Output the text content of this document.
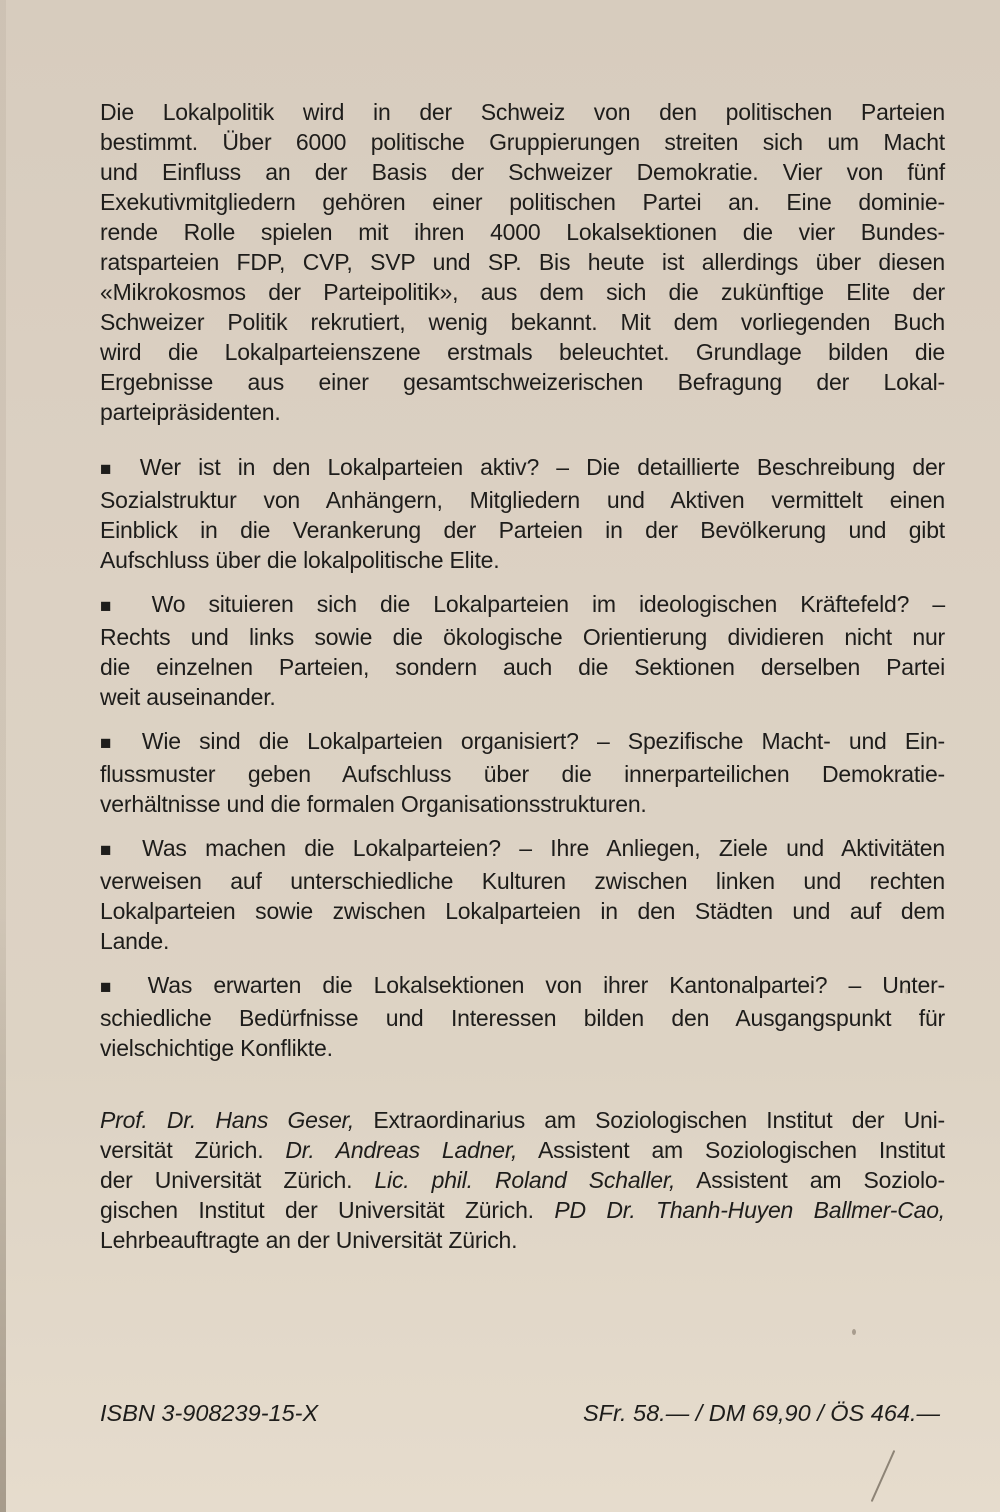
Die Lokalpolitik wird in der Schweiz von den politischen Parteien
bestimmt. Über 6000 politische Gruppierungen streiten sich um Macht
und Einfluss an der Basis der Schweizer Demokratie. Vier von fünf
Exekutivmitgliedern gehören einer politischen Partei an. Eine dominie-
rende Rolle spielen mit ihren 4000 Lokalsektionen die vier Bundes-
ratsparteien FDP, CVP, SVP und SP. Bis heute ist allerdings über diesen
«Mikrokosmos der Parteipolitik», aus dem sich die zukünftige Elite der
Schweizer Politik rekrutiert, wenig bekannt. Mit dem vorliegenden Buch
wird die Lokalparteienszene erstmals beleuchtet. Grundlage bilden die
Ergebnisse aus einer gesamtschweizerischen Befragung der Lokal-
parteipräsidenten.
■ Wer ist in den Lokalparteien aktiv? – Die detaillierte Beschreibung der
Sozialstruktur von Anhängern, Mitgliedern und Aktiven vermittelt einen
Einblick in die Verankerung der Parteien in der Bevölkerung und gibt
Aufschluss über die lokalpolitische Elite.
■ Wo situieren sich die Lokalparteien im ideologischen Kräftefeld? –
Rechts und links sowie die ökologische Orientierung dividieren nicht nur
die einzelnen Parteien, sondern auch die Sektionen derselben Partei
weit auseinander.
■ Wie sind die Lokalparteien organisiert? – Spezifische Macht- und Ein-
flussmuster geben Aufschluss über die innerparteilichen Demokratie-
verhältnisse und die formalen Organisationsstrukturen.
■ Was machen die Lokalparteien? – Ihre Anliegen, Ziele und Aktivitäten
verweisen auf unterschiedliche Kulturen zwischen linken und rechten
Lokalparteien sowie zwischen Lokalparteien in den Städten und auf dem
Lande.
■ Was erwarten die Lokalsektionen von ihrer Kantonalpartei? – Unter-
schiedliche Bedürfnisse und Interessen bilden den Ausgangspunkt für
vielschichtige Konflikte.
Prof. Dr. Hans Geser, Extraordinarius am Soziologischen Institut der Uni-
versität Zürich. Dr. Andreas Ladner, Assistent am Soziologischen Institut
der Universität Zürich. Lic. phil. Roland Schaller, Assistent am Soziolo-
gischen Institut der Universität Zürich. PD Dr. Thanh-Huyen Ballmer-Cao,
Lehrbeauftragte an der Universität Zürich.
ISBN 3-908239-15-X	SFr. 58.— / DM 69,90 / ÖS 464.—
